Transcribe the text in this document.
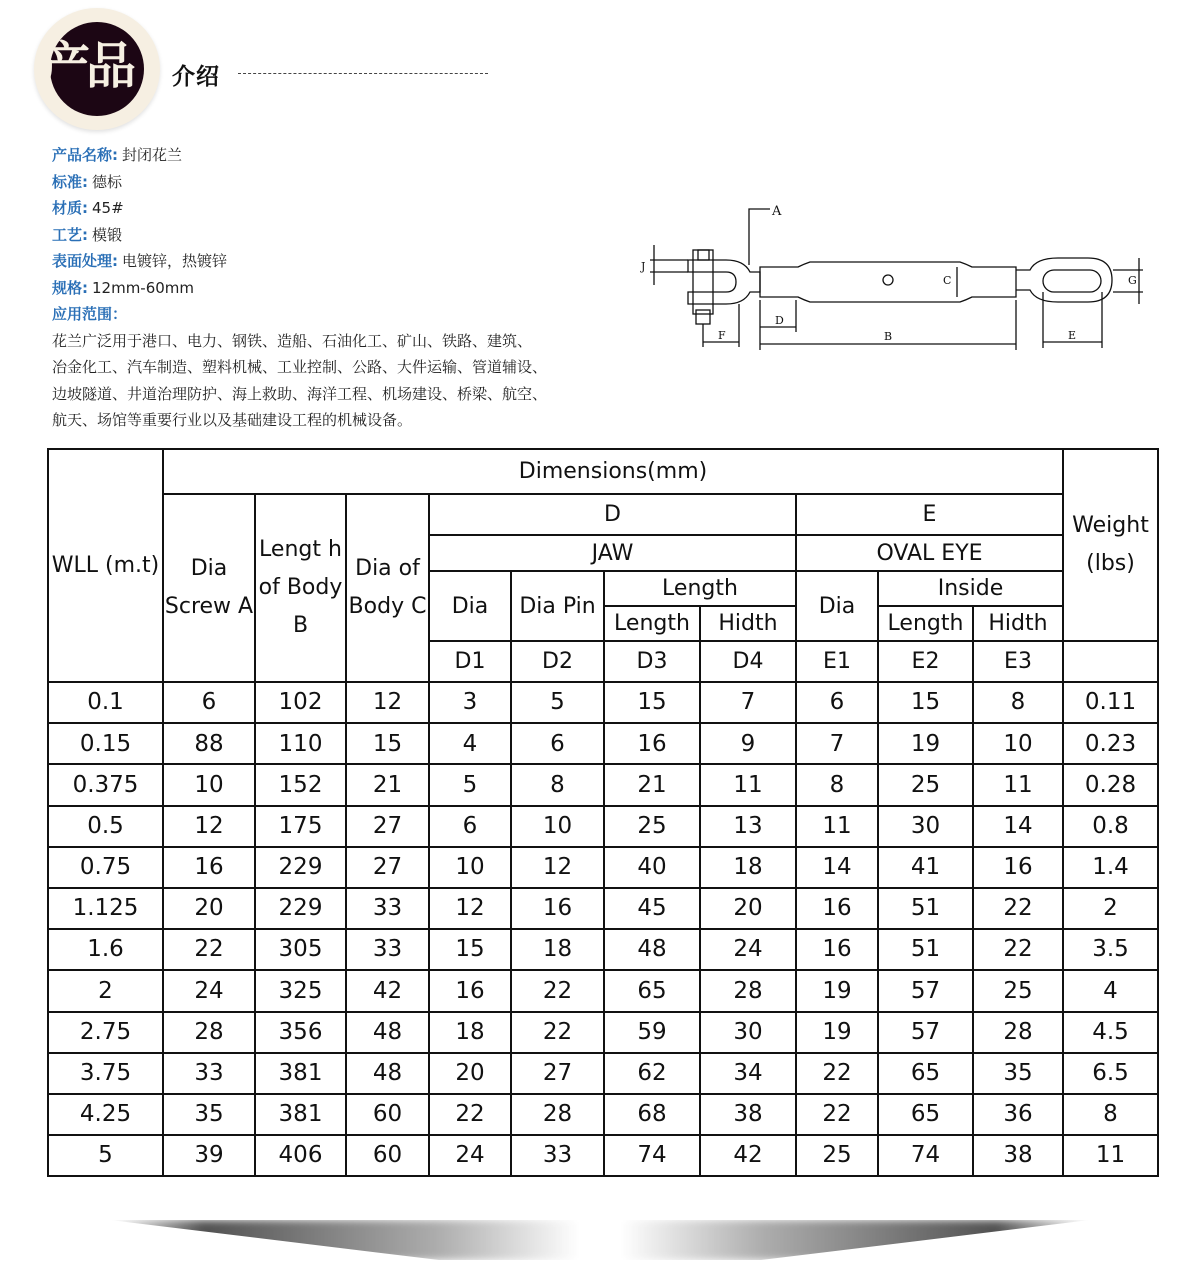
产品	介绍
产品名称: 封闭花兰
标准: 德标
材质: 45#
工艺: 模锻
表面处理: 电镀锌，热镀锌
规格: 12mm-60mm
应用范围：
花兰广泛用于港口、电力、钢铁、造船、石油化工、矿山、铁路、建筑、
冶金化工、汽车制造、塑料机械、工业控制、公路、大件运输、管道辅设、
边坡隧道、井道治理防护、海上救助、海洋工程、机场建设、桥梁、航空、
航天、场馆等重要行业以及基础建设工程的机械设备。
A
B
C
D
E
F
G
J
WLL (m.t)	Dimensions(mm)										Weight (lbs)
	Dia Screw A	Lengt h of Body B	Dia of Body C	D				E			
				JAW				OVAL EYE			
				Dia	Dia Pin	Length		Dia	Inside		
						Length	Hidth		Length	Hidth	
				D1	D2	D3	D4	E1	E2	E3	
0.1	6	102	12	3	5	15	7	6	15	8	0.11
0.15	88	110	15	4	6	16	9	7	19	10	0.23
0.375	10	152	21	5	8	21	11	8	25	11	0.28
0.5	12	175	27	6	10	25	13	11	30	14	0.8
0.75	16	229	27	10	12	40	18	14	41	16	1.4
1.125	20	229	33	12	16	45	20	16	51	22	2
1.6	22	305	33	15	18	48	24	16	51	22	3.5
2	24	325	42	16	22	65	28	19	57	25	4
2.75	28	356	48	18	22	59	30	19	57	28	4.5
3.75	33	381	48	20	27	62	34	22	65	35	6.5
4.25	35	381	60	22	28	68	38	22	65	36	8
5	39	406	60	24	33	74	42	25	74	38	11
